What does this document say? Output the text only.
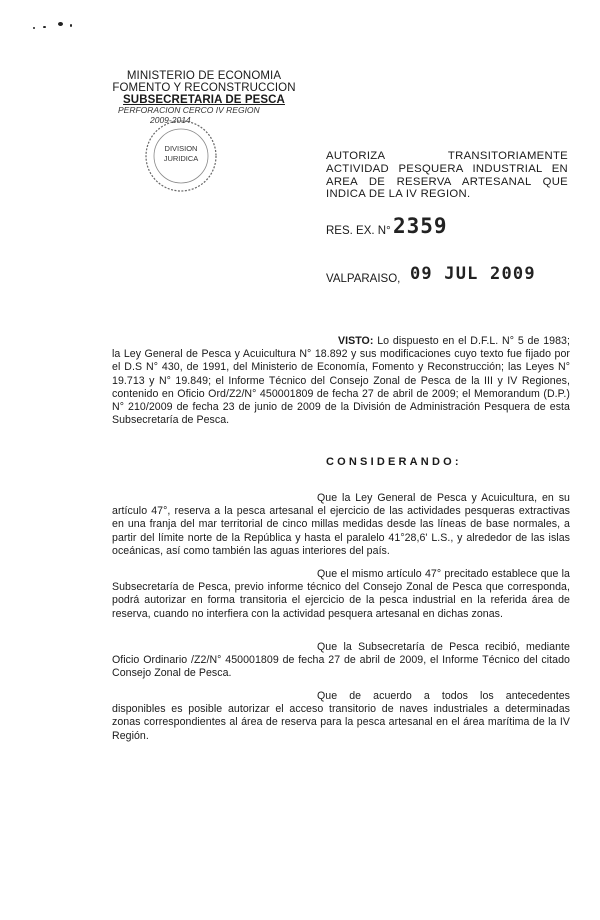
MINISTERIO DE ECONOMIA
FOMENTO Y RECONSTRUCCION
SUBSECRETARIA DE PESCA
PERFORACION CERCO IV REGION
2009-2014
DIVISION
JURIDICA	AUTORIZA TRANSITORIAMENTE ACTIVIDAD PESQUERA INDUSTRIAL EN AREA DE RESERVA ARTESANAL QUE INDICA DE LA IV REGION.
RES. EX. N° 2359
VALPARAISO, 09 JUL 2009
VISTO: Lo dispuesto en el D.F.L. N° 5 de 1983; la Ley General de Pesca y Acuicultura N° 18.892 y sus modificaciones cuyo texto fue fijado por el D.S N° 430, de 1991, del Ministerio de Economía, Fomento y Reconstrucción; las Leyes N° 19.713 y N° 19.849; el Informe Técnico del Consejo Zonal de Pesca de la III y IV Regiones, contenido en Oficio Ord/Z2/N° 450001809 de fecha 27 de abril de 2009; el Memorandum (D.P.) N° 210/2009 de fecha 23 de junio de 2009 de la División de Administración Pesquera de esta Subsecretaría de Pesca.
CONSIDERANDO:
Que la Ley General de Pesca y Acuicultura, en su artículo 47°, reserva a la pesca artesanal el ejercicio de las actividades pesqueras extractivas en una franja del mar territorial de cinco millas medidas desde las líneas de base normales, a partir del límite norte de la República y hasta el paralelo 41°28,6' L.S., y alrededor de las islas oceánicas, así como también las aguas interiores del país.
Que el mismo artículo 47° precitado establece que la Subsecretaría de Pesca, previo informe técnico del Consejo Zonal de Pesca que corresponda, podrá autorizar en forma transitoria el ejercicio de la pesca industrial en la referida área de reserva, cuando no interfiera con la actividad pesquera artesanal en dichas zonas.
Que la Subsecretaría de Pesca recibió, mediante Oficio Ordinario /Z2/N° 450001809 de fecha 27 de abril de 2009, el Informe Técnico del citado Consejo Zonal de Pesca.
Que de acuerdo a todos los antecedentes disponibles es posible autorizar el acceso transitorio de naves industriales a determinadas zonas correspondientes al área de reserva para la pesca artesanal en el área marítima de la IV Región.
